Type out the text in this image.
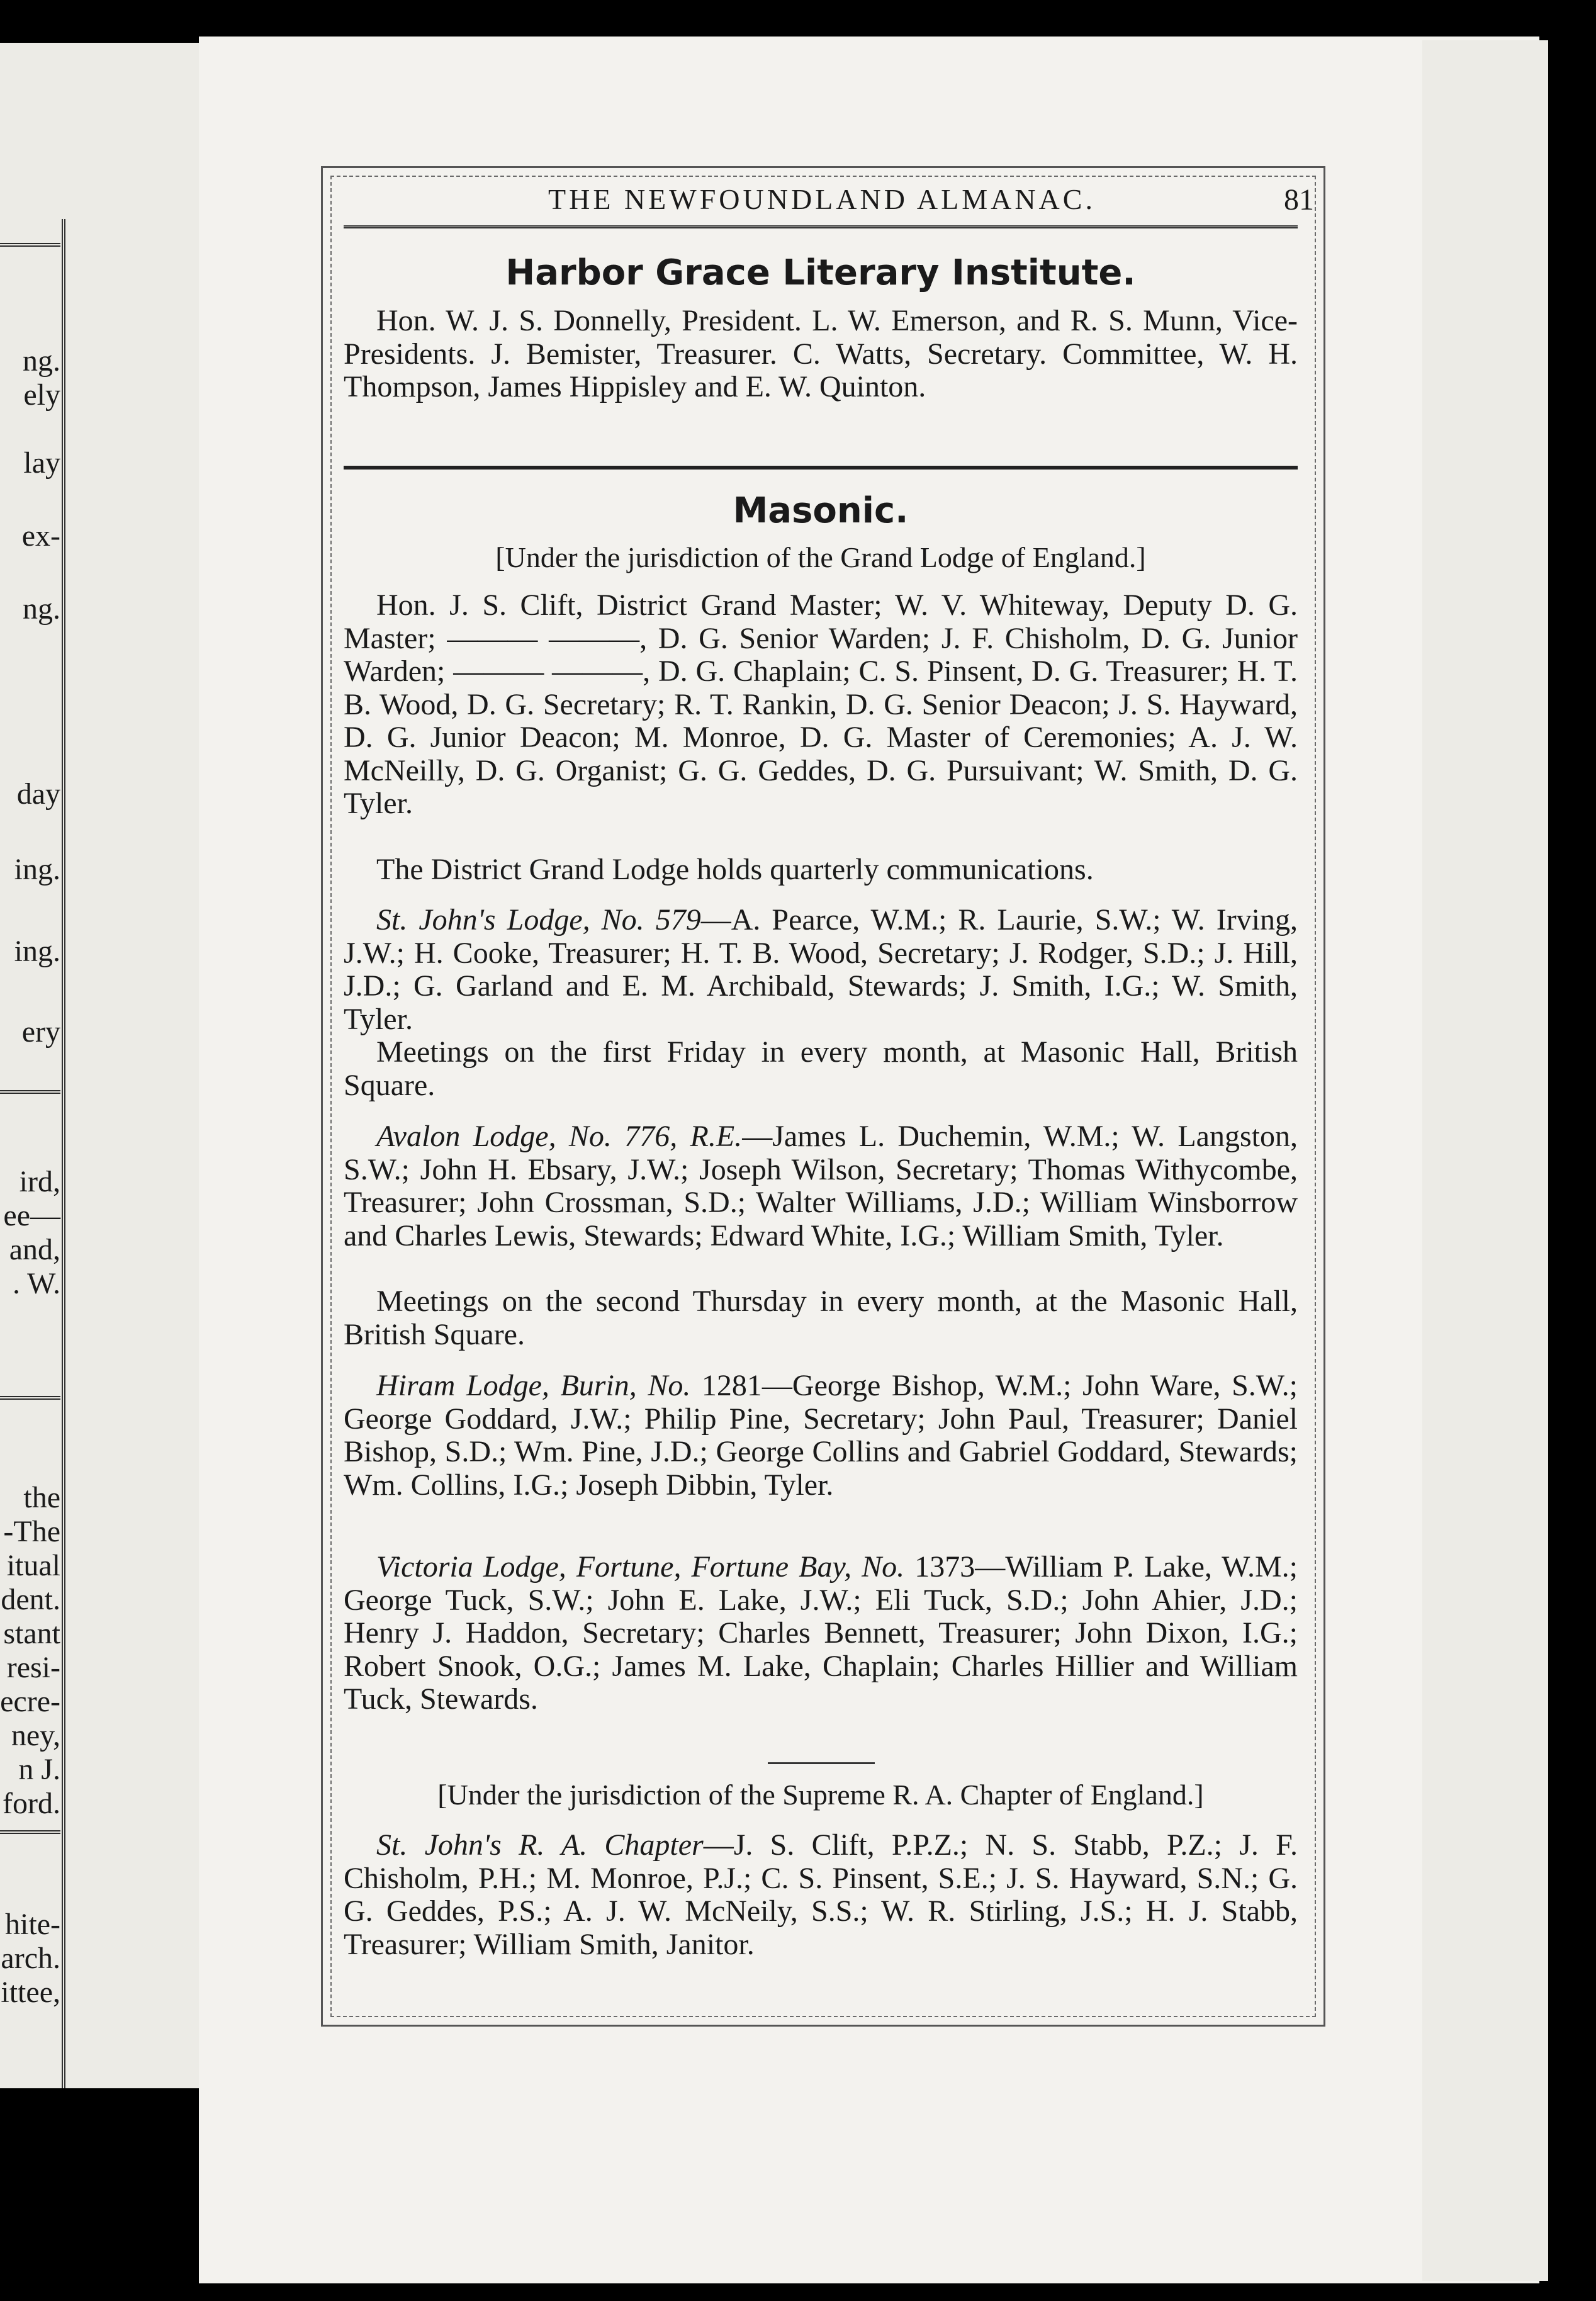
ng.
ely
lay
ex-
ng.
day
ing.
ing.
ery
ird,
ee—
and,
. W.
the
-The
itual
dent.
stant
resi-
ecre-
ney,
n J.
ford.
hite-
arch.
ittee,
THE NEWFOUNDLAND ALMANAC.	81
Harbor Grace Literary Institute.

Hon. W. J. S. Donnelly, President. L. W. Emerson, and R. S. Munn, Vice-Presidents. J. Bemister, Treasurer. C. Watts, Secretary. Committee, W. H. Thompson, James Hippisley and E. W. Quinton.

Masonic.
[Under the jurisdiction of the Grand Lodge of England.]

Hon. J. S. Clift, District Grand Master; W. V. Whiteway, Deputy D. G. Master; ——— ———, D. G. Senior Warden; J. F. Chisholm, D. G. Junior Warden; ——— ———, D. G. Chaplain; C. S. Pinsent, D. G. Treasurer; H. T. B. Wood, D. G. Secretary; R. T. Rankin, D. G. Senior Deacon; J. S. Hayward, D. G. Junior Deacon; M. Monroe, D. G. Master of Ceremonies; A. J. W. McNeilly, D. G. Organist; G. G. Geddes, D. G. Pursuivant; W. Smith, D. G. Tyler.

The District Grand Lodge holds quarterly communications.

St. John's Lodge, No. 579—A. Pearce, W.M.; R. Laurie, S.W.; W. Irving, J.W.; H. Cooke, Treasurer; H. T. B. Wood, Secretary; J. Rodger, S.D.; J. Hill, J.D.; G. Garland and E. M. Archibald, Stewards; J. Smith, I.G.; W. Smith, Tyler.

Meetings on the first Friday in every month, at Masonic Hall, British Square.

Avalon Lodge, No. 776, R.E.—James L. Duchemin, W.M.; W. Langston, S.W.; John H. Ebsary, J.W.; Joseph Wilson, Secretary; Thomas Withycombe, Treasurer; John Crossman, S.D.; Walter Williams, J.D.; William Winsborrow and Charles Lewis, Stewards; Edward White, I.G.; William Smith, Tyler.

Meetings on the second Thursday in every month, at the Masonic Hall, British Square.

Hiram Lodge, Burin, No. 1281—George Bishop, W.M.; John Ware, S.W.; George Goddard, J.W.; Philip Pine, Secretary; John Paul, Treasurer; Daniel Bishop, S.D.; Wm. Pine, J.D.; George Collins and Gabriel Goddard, Stewards; Wm. Collins, I.G.; Joseph Dibbin, Tyler.

Victoria Lodge, Fortune, Fortune Bay, No. 1373—William P. Lake, W.M.; George Tuck, S.W.; John E. Lake, J.W.; Eli Tuck, S.D.; John Ahier, J.D.; Henry J. Haddon, Secretary; Charles Bennett, Treasurer; John Dixon, I.G.; Robert Snook, O.G.; James M. Lake, Chaplain; Charles Hillier and William Tuck, Stewards.

[Under the jurisdiction of the Supreme R. A. Chapter of England.]

St. John's R. A. Chapter—J. S. Clift, P.P.Z.; N. S. Stabb, P.Z.; J. F. Chisholm, P.H.; M. Monroe, P.J.; C. S. Pinsent, S.E.; J. S. Hayward, S.N.; G. G. Geddes, P.S.; A. J. W. McNeily, S.S.; W. R. Stirling, J.S.; H. J. Stabb, Treasurer; William Smith, Janitor.
